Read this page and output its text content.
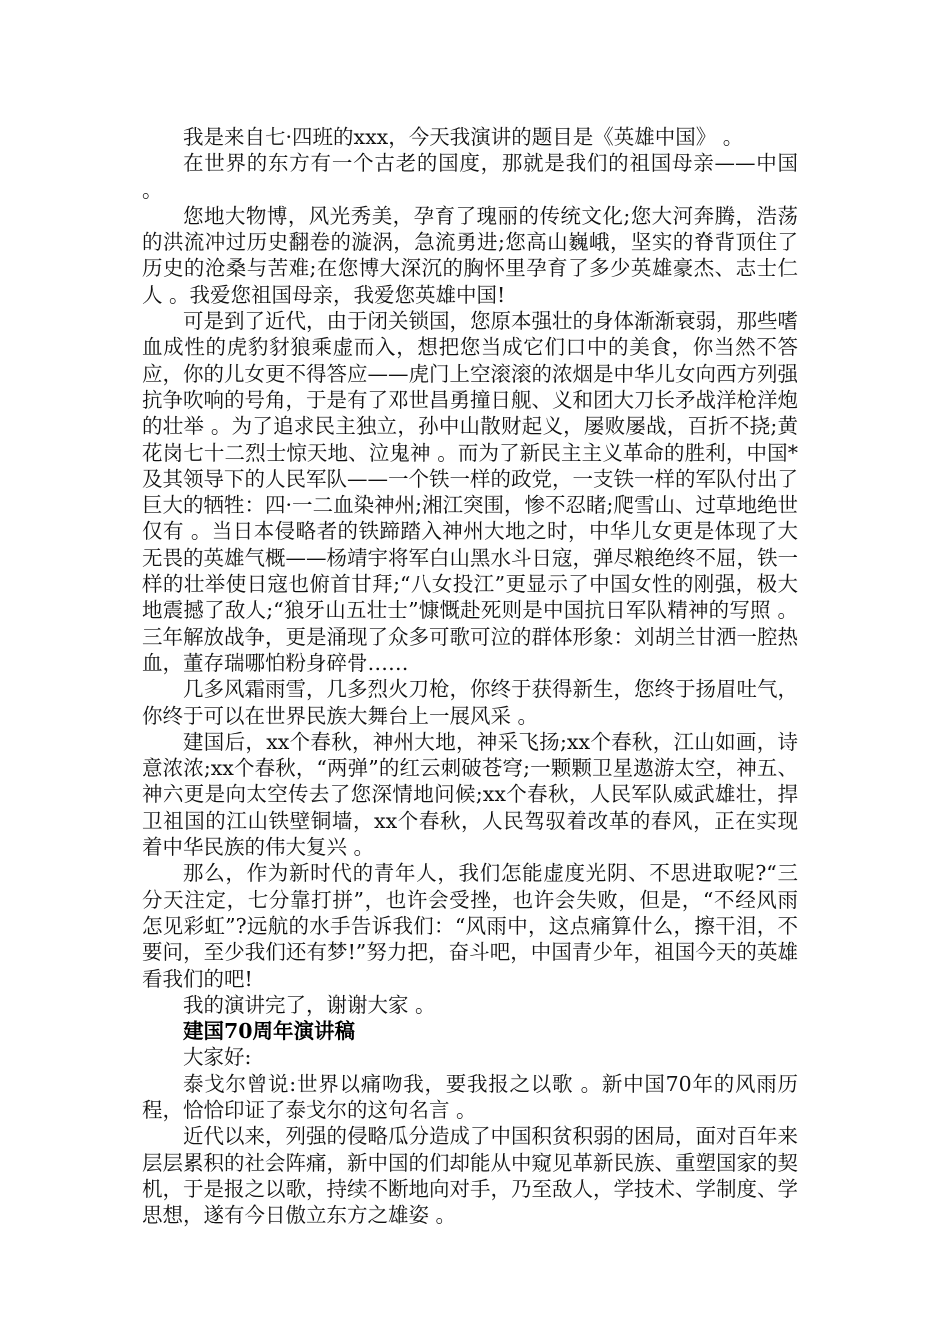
我是来自七·四班的xxx，今天我演讲的题目是《英雄中国》 。

在世界的东方有一个古老的国度，那就是我们的祖国母亲——中国 。

您地大物博，风光秀美，孕育了瑰丽的传统文化;您大河奔腾，浩荡的洪流冲过历史翻卷的漩涡，急流勇进;您高山巍峨，坚实的脊背顶住了历史的沧桑与苦难;在您博大深沉的胸怀里孕育了多少英雄豪杰、志士仁人 。我爱您祖国母亲，我爱您英雄中国!

可是到了近代，由于闭关锁国，您原本强壮的身体渐渐衰弱，那些嗜血成性的虎豹豺狼乘虚而入，想把您当成它们口中的美食，你当然不答应，你的儿女更不得答应——虎门上空滚滚的浓烟是中华儿女向西方列强抗争吹响的号角，于是有了邓世昌勇撞日舰、义和团大刀长矛战洋枪洋炮的壮举 。为了追求民主独立，孙中山散财起义，屡败屡战，百折不挠;黄花岗七十二烈士惊天地、泣鬼神 。而为了新民主主义革命的胜利，中国*及其领导下的人民军队——一个铁一样的政党，一支铁一样的军队付出了巨大的牺牲：四·一二血染神州;湘江突围，惨不忍睹;爬雪山、过草地绝世仅有 。当日本侵略者的铁蹄踏入神州大地之时，中华儿女更是体现了大无畏的英雄气概——杨靖宇将军白山黑水斗日寇，弹尽粮绝终不屈，铁一样的壮举使日寇也俯首甘拜;“八女投江”更显示了中国女性的刚强，极大地震撼了敌人;“狼牙山五壮士”慷慨赴死则是中国抗日军队精神的写照 。三年解放战争，更是涌现了众多可歌可泣的群体形象：刘胡兰甘洒一腔热血，董存瑞哪怕粉身碎骨……

几多风霜雨雪，几多烈火刀枪，你终于获得新生，您终于扬眉吐气，你终于可以在世界民族大舞台上一展风采 。

建国后，xx个春秋，神州大地，神采飞扬;xx个春秋，江山如画，诗意浓浓;xx个春秋，“两弹”的红云刺破苍穹;一颗颗卫星遨游太空，神五、神六更是向太空传去了您深情地问候;xx个春秋，人民军队威武雄壮，捍卫祖国的江山铁壁铜墙，xx个春秋，人民驾驭着改革的春风，正在实现着中华民族的伟大复兴 。

那么，作为新时代的青年人，我们怎能虚度光阴、不思进取呢?“三分天注定，七分靠打拼”，也许会受挫，也许会失败，但是，“不经风雨怎见彩虹”?远航的水手告诉我们：“风雨中，这点痛算什么，擦干泪，不要问，至少我们还有梦!”努力把，奋斗吧，中国青少年，祖国今天的英雄看我们的吧!

我的演讲完了，谢谢大家 。

建国70周年演讲稿

大家好:

泰戈尔曾说:世界以痛吻我，要我报之以歌 。新中国70年的风雨历程，恰恰印证了泰戈尔的这句名言 。

近代以来，列强的侵略瓜分造成了中国积贫积弱的困局，面对百年来层层累积的社会阵痛，新中国的们却能从中窥见革新民族、重塑国家的契机，于是报之以歌，持续不断地向对手，乃至敌人，学技术、学制度、学思想，遂有今日傲立东方之雄姿 。
